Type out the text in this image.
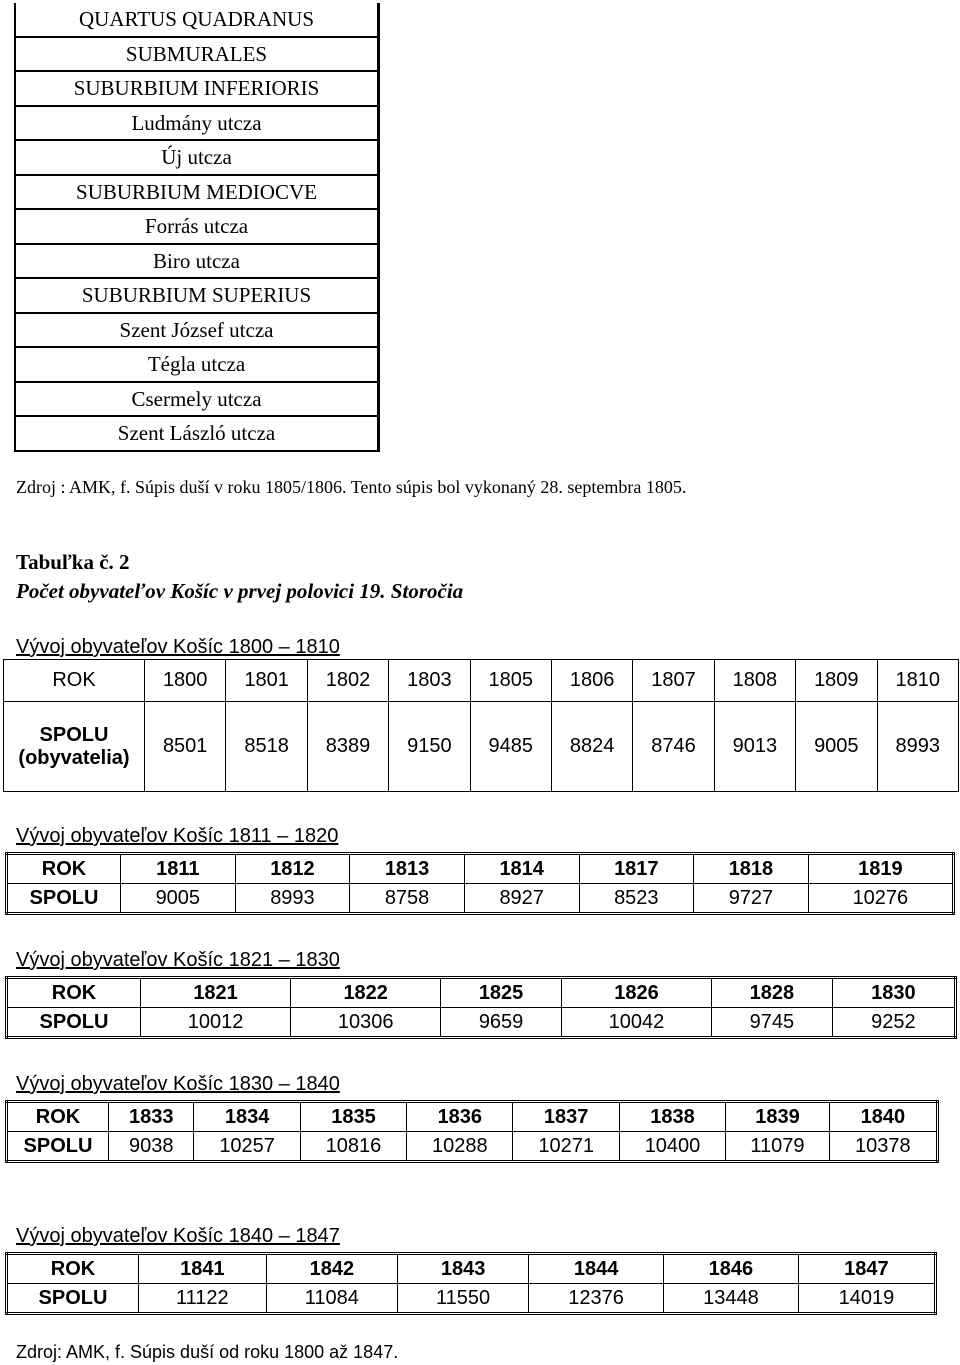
QUARTUS QUADRANUS
SUBMURALES
SUBURBIUM INFERIORIS
Ludmány utcza
Új utcza
SUBURBIUM MEDIOCVE
Forrás utcza
Biro utcza
SUBURBIUM SUPERIUS
Szent József utcza
Tégla utcza
Csermely utcza
Szent László utcza
Zdroj : AMK, f. Súpis duší v roku 1805/1806. Tento súpis bol vykonaný 28. septembra 1805.
Tabuľka č. 2
Počet obyvateľov Košíc v prvej polovici 19. Storočia
Vývoj obyvateľov Košíc 1800 – 1810
ROK	1800	1801	1802	1803	1805	1806	1807	1808	1809	1810
SPOLU
(obyvatelia)	8501	8518	8389	9150	9485	8824	8746	9013	9005	8993
Vývoj obyvateľov Košíc 1811 – 1820
ROK	1811	1812	1813	1814	1817	1818	1819
SPOLU	9005	8993	8758	8927	8523	9727	10276
Vývoj obyvateľov Košíc 1821 – 1830
ROK	1821	1822	1825	1826	1828	1830
SPOLU	10012	10306	9659	10042	9745	9252
Vývoj obyvateľov Košíc 1830 – 1840
ROK	1833	1834	1835	1836	1837	1838	1839	1840
SPOLU	9038	10257	10816	10288	10271	10400	11079	10378
Vývoj obyvateľov Košíc 1840 – 1847
ROK	1841	1842	1843	1844	1846	1847
SPOLU	11122	11084	11550	12376	13448	14019
Zdroj: AMK, f. Súpis duší od roku 1800 až 1847.
